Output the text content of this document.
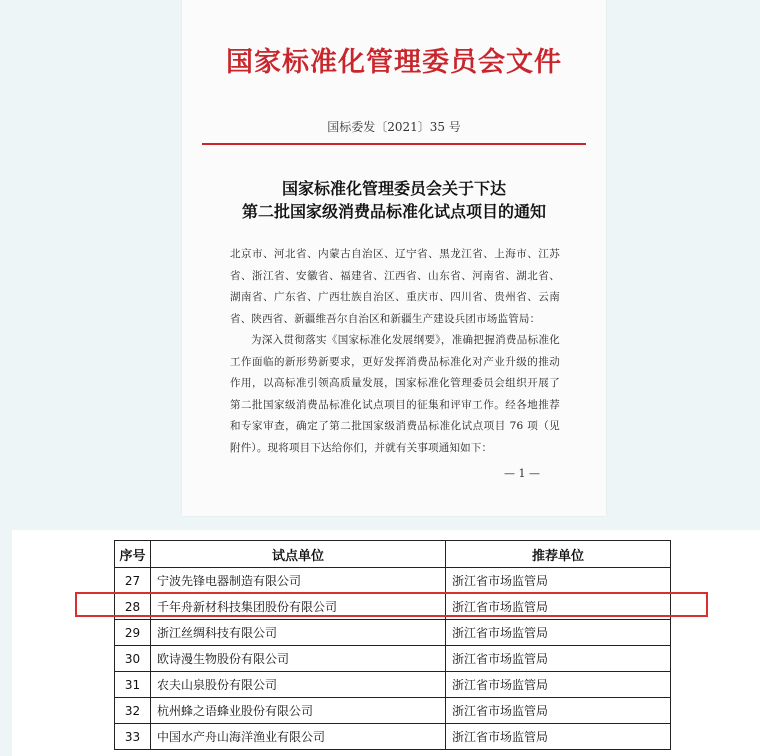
国家标准化管理委员会文件
国标委发〔2021〕35 号
国家标准化管理委员会关于下达
第二批国家级消费品标准化试点项目的通知

北京市、河北省、内蒙古自治区、辽宁省、黑龙江省、上海市、江苏省、浙江省、安徽省、福建省、江西省、山东省、河南省、湖北省、湖南省、广东省、广西壮族自治区、重庆市、四川省、贵州省、云南省、陕西省、新疆维吾尔自治区和新疆生产建设兵团市场监管局：

为深入贯彻落实《国家标准化发展纲要》，准确把握消费品标准化工作面临的新形势新要求，更好发挥消费品标准化对产业升级的推动作用，以高标准引领高质量发展，国家标准化管理委员会组织开展了第二批国家级消费品标准化试点项目的征集和评审工作。经各地推荐和专家审查，确定了第二批国家级消费品标准化试点项目 76 项（见附件）。现将项目下达给你们，并就有关事项通知如下：

— 1 —
序号	试点单位	推荐单位
27	宁波先锋电器制造有限公司	浙江省市场监管局
28	千年舟新材科技集团股份有限公司	浙江省市场监管局
29	浙江丝绸科技有限公司	浙江省市场监管局
30	欧诗漫生物股份有限公司	浙江省市场监管局
31	农夫山泉股份有限公司	浙江省市场监管局
32	杭州蜂之语蜂业股份有限公司	浙江省市场监管局
33	中国水产舟山海洋渔业有限公司	浙江省市场监管局
